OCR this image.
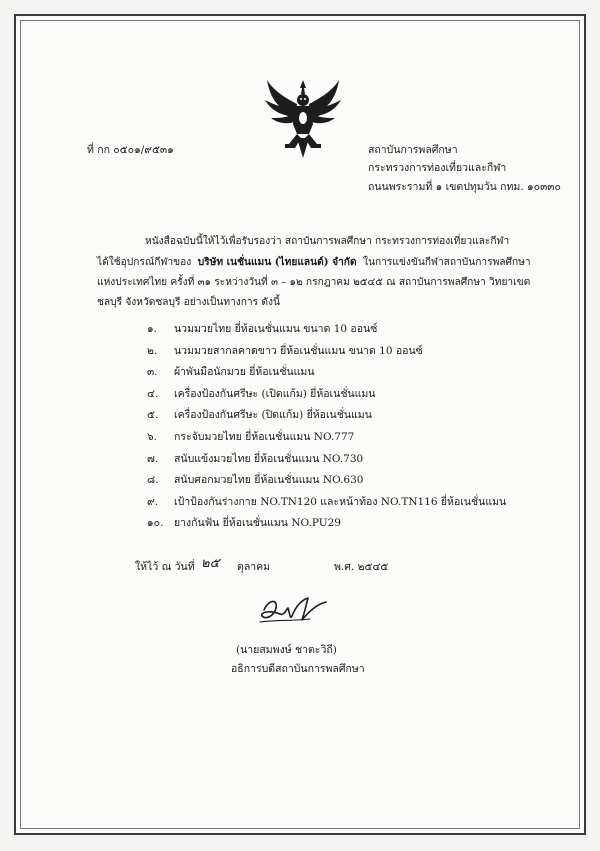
ที่ กก ๐๕๐๑/๙๕๓๑	สถาบันการพลศึกษา
กระทรวงการท่องเที่ยวและกีฬา
ถนนพระรามที่ ๑ เขตปทุมวัน กทม. ๑๐๓๓๐
หนังสือฉบับนี้ให้ไว้เพื่อรับรองว่า สถาบันการพลศึกษา กระทรวงการท่องเที่ยวและกีฬา
ได้ใช้อุปกรณ์กีฬาของ บริษัท เนชั่นแมน (ไทยแลนด์) จำกัด ในการแข่งขันกีฬาสถาบันการพลศึกษา
แห่งประเทศไทย ครั้งที่ ๓๑ ระหว่างวันที่ ๓ – ๑๒ กรกฎาคม ๒๕๔๕ ณ สถาบันการพลศึกษา วิทยาเขต
ชลบุรี จังหวัดชลบุรี อย่างเป็นทางการ ดังนี้
๑. นวมมวยไทย ยี่ห้อเนชั่นแมน ขนาด 10 ออนซ์
๒. นวมมวยสากลคาดขาว ยี่ห้อเนชั่นแมน ขนาด 10 ออนซ์
๓. ผ้าพันมือนักมวย ยี่ห้อเนชั่นแมน
๔. เครื่องป้องกันศรีษะ (เปิดแก้ม) ยี่ห้อเนชั่นแมน
๕. เครื่องป้องกันศรีษะ (ปิดแก้ม) ยี่ห้อเนชั่นแมน
๖. กระจับมวยไทย ยี่ห้อเนชั่นแมน NO.777
๗. สนับแข้งมวยไทย ยี่ห้อเนชั่นแมน NO.730
๘. สนับศอกมวยไทย ยี่ห้อเนชั่นแมน NO.630
๙. เป้าป้องกันร่างกาย NO.TN120 และหน้าท้อง NO.TN116 ยี่ห้อเนชั่นแมน
๑๐. ยางกันฟัน ยี่ห้อเนชั่นแมน NO.PU29
ให้ไว้ ณ วันที่ ๒๕ ตุลาคม	พ.ศ. ๒๕๔๕
(นายสมพงษ์ ชาตะวิถี)
อธิการบดีสถาบันการพลศึกษา
